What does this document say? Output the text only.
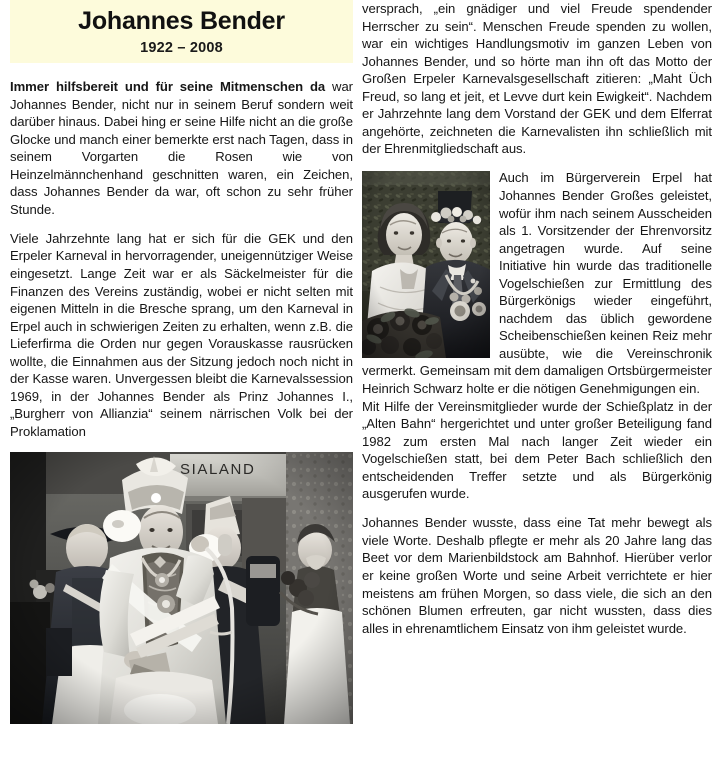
Johannes Bender
1922 – 2008

Immer hilfsbereit und für seine Mitmenschen da war Johannes Bender, nicht nur in seinem Beruf sondern weit darüber hinaus. Dabei hing er seine Hilfe nicht an die große Glocke und manch einer bemerkte erst nach Tagen, dass in seinem Vorgarten die Rosen wie von Heinzelmännchenhand geschnitten waren, ein Zeichen, dass Johannes Bender da war, oft schon zu sehr früher Stunde.

Viele Jahrzehnte lang hat er sich für die GEK und den Erpeler Karneval in hervorragender, uneigennütziger Weise eingesetzt. Lange Zeit war er als Säckelmeister für die Finanzen des Vereins zuständig, wobei er nicht selten mit eigenen Mitteln in die Bresche sprang, um den Karneval in Erpel auch in schwierigen Zeiten zu erhalten, wenn z.B. die Lieferfirma die Orden nur gegen Vorauskasse rausrücken wollte, die Einnahmen aus der Sitzung jedoch noch nicht in der Kasse waren. Unvergessen bleibt die Karnevalssession 1969, in der Johannes Bender als Prinz Johannes I., „Burgherr von Allianzia“ seinem närrischen Volk bei der Proklamation

versprach, „ein gnädiger und viel Freude spendender Herrscher zu sein“. Menschen Freude spenden zu wollen, war ein wichtiges Handlungsmotiv im ganzen Leben von Johannes Bender, und so hörte man ihn oft das Motto der Großen Erpeler Karnevalsgesellschaft zitieren: „Maht Üch Freud, so lang et jeit, et Levve durt kein Ewigkeit“. Nachdem er Jahrzehnte lang dem Vorstand der GEK und dem Elferrat angehörte, zeichneten die Karnevalisten ihn schließlich mit der Ehrenmitgliedschaft aus.

Auch im Bürgerverein Erpel hat Johannes Bender Großes geleistet, wofür ihm nach seinem Ausscheiden als 1. Vorsitzender der Ehrenvorsitz angetragen wurde. Auf seine Initiative hin wurde das traditionelle Vogelschießen zur Ermittlung des Bürgerkönigs wieder eingeführt, nachdem das üblich gewordene Scheibenschießen keinen Reiz mehr ausübte, wie die Vereinschronik vermerkt. Gemeinsam mit dem damaligen Ortsbürgermeister Heinrich Schwarz holte er die nötigen Genehmigungen ein.

Mit Hilfe der Vereinsmitglieder wurde der Schießplatz in der „Alten Bahn“ hergerichtet und unter großer Beteiligung fand 1982 zum ersten Mal nach langer Zeit wieder ein Vogelschießen statt, bei dem Peter Bach schließlich den entscheidenden Treffer setzte und als Bürgerkönig ausgerufen wurde.

Johannes Bender wusste, dass eine Tat mehr bewegt als viele Worte. Deshalb pflegte er mehr als 20 Jahre lang das Beet vor dem Marienbildstock am Bahnhof. Hierüber verlor er keine großen Worte und seine Arbeit verrichtete er hier meistens am frühen Morgen, so dass viele, die sich an den schönen Blumen erfreuten, gar nicht wussten, dass dies alles in ehrenamtlichem Einsatz von ihm geleistet wurde.
